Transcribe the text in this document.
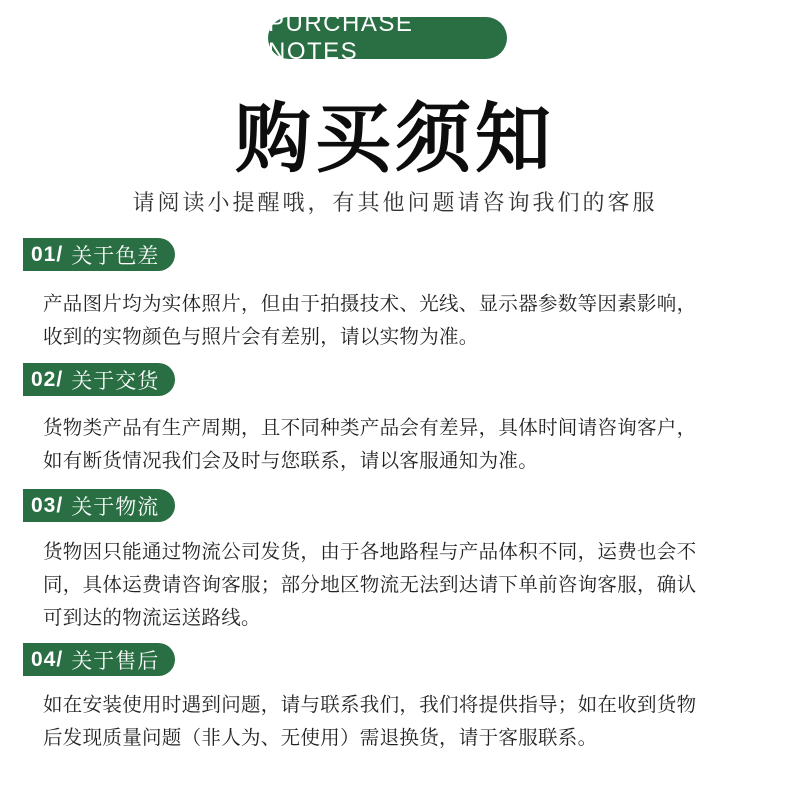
PURCHASE NOTES
购买须知
请阅读小提醒哦，有其他问题请咨询我们的客服
01/ 关于色差
产品图片均为实体照片，但由于拍摄技术、光线、显示器参数等因素影响，
收到的实物颜色与照片会有差别，请以实物为准。
02/ 关于交货
货物类产品有生产周期，且不同种类产品会有差异，具体时间请咨询客户，
如有断货情况我们会及时与您联系，请以客服通知为准。
03/ 关于物流
货物因只能通过物流公司发货，由于各地路程与产品体积不同，运费也会不
同，具体运费请咨询客服；部分地区物流无法到达请下单前咨询客服，确认
可到达的物流运送路线。
04/ 关于售后
如在安装使用时遇到问题，请与联系我们，我们将提供指导；如在收到货物
后发现质量问题（非人为、无使用）需退换货，请于客服联系。
